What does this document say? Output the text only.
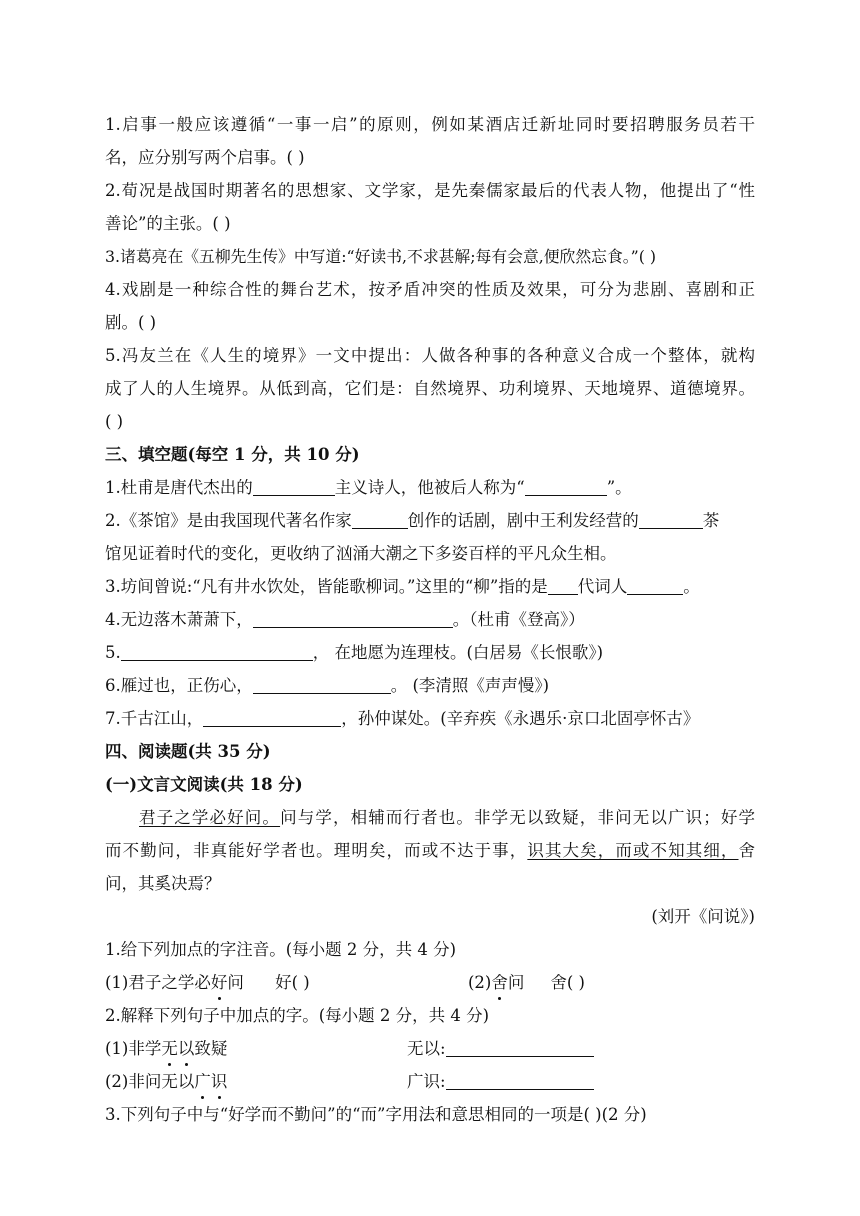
1.启事一般应该遵循“一事一启”的原则，例如某酒店迁新址同时要招聘服务员若干
名，应分别写两个启事。( )
2.荀况是战国时期著名的思想家、文学家，是先秦儒家最后的代表人物，他提出了“性
善论”的主张。( )
3.诸葛亮在《五柳先生传》中写道:“好读书,不求甚解;每有会意,便欣然忘食。”( )
4.戏剧是一种综合性的舞台艺术，按矛盾冲突的性质及效果，可分为悲剧、喜剧和正
剧。( )
5.冯友兰在《人生的境界》一文中提出：人做各种事的各种意义合成一个整体，就构
成了人的人生境界。从低到高，它们是：自然境界、功利境界、天地境界、道德境界。
( )
三、填空题(每空 1 分，共 10 分)
1.杜甫是唐代杰出的	主义诗人，他被后人称为“	”。
2.《茶馆》是由我国现代著名作家	创作的话剧，剧中王利发经营的	茶
馆见证着时代的变化，更收纳了汹涌大潮之下多姿百样的平凡众生相。
3.坊间曾说:“凡有井水饮处，皆能歌柳词。”这里的“柳”指的是 代词人	。
4.无边落木萧萧下，	。（杜甫《登高》）
5.	， 在地愿为连理枝。(白居易《长恨歌》)
6.雁过也，正伤心，	。 (李清照《声声慢》)
7.千古江山，	，孙仲谋处。(辛弃疾《永遇乐·京口北固亭怀古》
四、阅读题(共 35 分)
(一)文言文阅读(共 18 分)
君子之学必好问。问与学，相辅而行者也。非学无以致疑，非问无以广识；好学
而不勤问，非真能好学者也。理明矣，而或不达于事，识其大矣，而或不知其细，舍
问，其奚决焉？
(刘开《问说》)
1.给下列加点的字注音。(每小题 2 分，共 4 分)
(1)君子之学必好问 好( )	(2)舍问 舍( )
2.解释下列句子中加点的字。(每小题 2 分，共 4 分)
(1)非学无以致疑	无以:
(2)非问无以广识	广识:
3.下列句子中与“好学而不勤问”的“而”字用法和意思相同的一项是( )(2 分)
